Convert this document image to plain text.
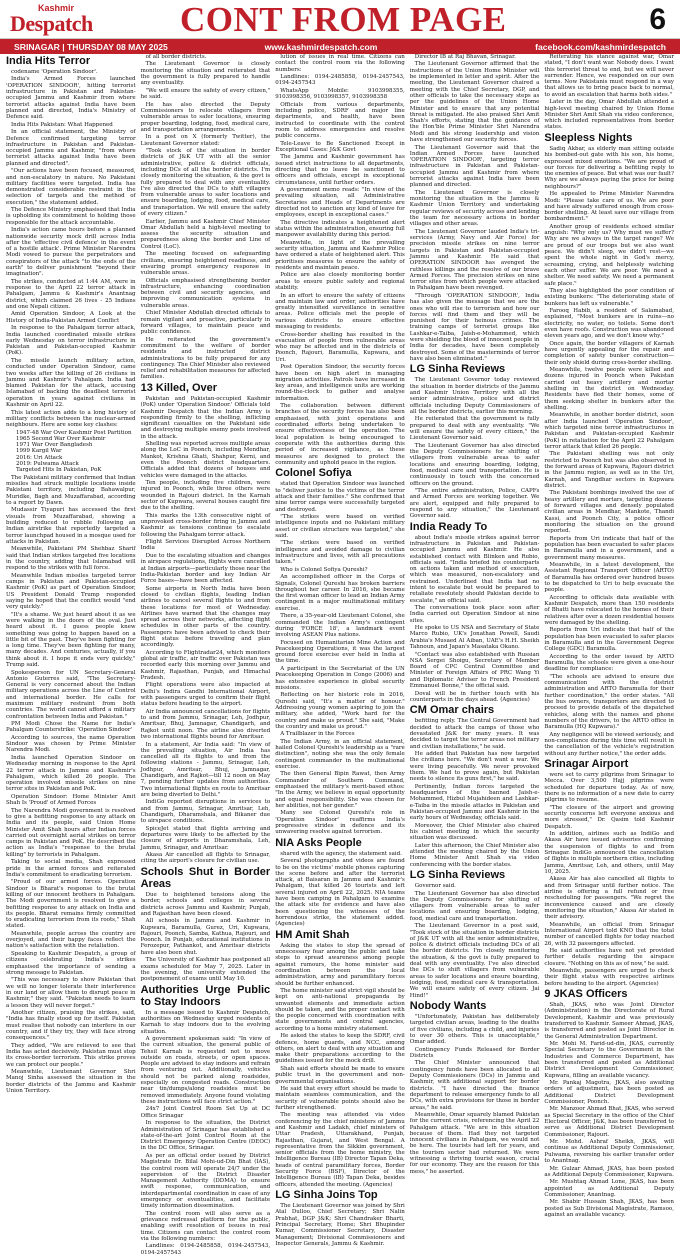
Kashmir
Despatch CONT FROM PAGE	6
SRINAGAR | THURSDAY 08 MAY 2025	www.kashmirdespatch.com	facebook.com/kashmirdespatch
India Hits Terror

codename 'Operation Sindoor'.

India's Armed Forces launched 'OPERATION SINDOOR', hitting terrorist infrastructure in Pakistan and Pakistan-occupied Jammu and Kashmir from where terrorist attacks against India have been planned and directed, India's Ministry of Defence said.

India Hits Pakistan: What Happened

In an official statement, the Ministry of Defence confirmed targeting terror infrastructure in Pakistan and Pakistan-occupied Jammu and Kashmir, "from where terrorist attacks against India have been planned and directed".

"Our actions have been focused, measured, and non-escalatory in nature. No Pakistani military facilities were targeted. India has demonstrated considerable restraint in the selection of targets and the method of execution," the statement added.

The Defence Ministry emphasised that India is upholding its commitment to holding those responsible for the attack accountable.

India's action came hours before a planned nationwide security mock drill across India after the 'effective civil defence' in the event of a hostile attack'. Prime Minister Narendra Modi vowed to pursue the perpetrators and conspirators of the attack "to the ends of the earth" to deliver punishment "beyond their imagination".

The strikes, conducted at 1:44 AM, were in response to the April 22 terror attack in Pahalgam, Jammu & Kashmir's Anantnag district, which claimed 26 lives - 25 Indians and one Nepali citizen.

Amid Operation Sindoor, A Look at the History of India-Pakistan Armed Conflict

In response to the Pahalgam terror attack, India launched coordinated missile strikes early Wednesday on terror infrastructure in Pakistan and Pakistan-occupied Kashmir (PoK).

The missile launch military action, conducted under Operation Sindoor, came two weeks after the killing of 26 civilians in Jammu and Kashmir's Pahalgam. India had blamed Pakistan for the attack, accusing Islamabad of backing the deadliest terrorist operation in years against civilians in Kashmir on April 22.

This latest action adds to a long history of military conflicts between the nuclear-armed neighbours. Here are some key clashes:

1947-48 War Over Kashmir Post Partition
1965 Second War Over Kashmir
1971 War Over Bangladesh
1999 Kargil War
2016: Uri Attack
2019: Pulwama Attack
Targeted Hits In Pakistan, PoK

The Pakistani military confirmed that Indian missiles had struck multiple locations inside Pakistani territory, including Bahawalpur, Muridke, Bagh and Muzaffarabad, according to a report by Dawn.

Mudassir Tiyapuri has accessed the first visuals from Muzaffarabad, showing a building reduced to rubble following an Indian airstrike that reportedly targeted a terror launchpad housed in a mosque used for attacks in Pakistan.

Meanwhile, Pakistani PM Shehbaz Sharif said that Indian strikes targeted five locations in the country, adding that Islamabad will respond to the strikes with full force.

Meanwhile Indian missiles targeted terror camps in Pakistan and Pakistan-occupied Kashmir (PoK) as part of Operation Sindoor, US President Donald Trump responded saying he hoped that the conflict would "end very quickly."

"It's a shame. We just heard about it as we were walking in the doors of the oval. Just heard about it. I guess people knew something was going to happen based on a little bit of the past. They've been fighting for a long time. They've been fighting for many, many decades. And centuries, actually, if you think about it. I hope it ends very quickly," Trump said.

Spokesperson for UN Secretary-General Antonio Guterres said, "The Secretary-General is very concerned about the Indian military operations across the Line of Control and international border. He calls for maximum military restraint from both countries. The world cannot afford a military confrontation between India and Pakistan."

PM Modi Chose the Name for India's Pahalgam Counterstrike: 'Operation Sindoor'

According to sources, the name Operation Sindoor was chosen by Prime Minister Narendra Modi.

India launched Operation Sindoor on Wednesday morning in response to the April 22 terror attack in Jammu and Kashmir's Pahalgam, which killed 26 people. The operation involved missile strikes on nine terror sites in Pakistan and PoK.

Operation Sindoor: Home Minister Amit Shah Is 'Proud' of Armed Forces

The Narendra Modi government is resolved to give a befitting response to any attack on India and its people, said Union Home Minister Amit Shah hours after Indian forces carried out overnight aerial strikes on terror camps in Pakistan and PoK. He described the action as India's "response to the brutal killing" by terrorists in Pahalgam.

Taking to social media, Shah expressed pride in the armed forces and reiterated India's commitment to eradicating terrorism.

"Proud of our armed forces. Operation Sindoor is Bharat's response to the brutal killing of our innocent brothers in Pahalgam. The Modi government is resolved to give a befitting response to any attack on India and its people. Bharat remains firmly committed to eradicating terrorism from its roots," Shah stated.

Meanwhile, people across the country are overjoyed, and their happy faces reflect the nation's satisfaction with the retaliation.

Speaking to Kashmir Despatch, a group of citizens celebrating India's strikes emphasised the importance of sending a strong message to Pakistan.

"This was necessary to show Pakistan that we will no longer tolerate their interference in our land or allow them to disrupt peace in Kashmir," they said. "Pakistan needs to learn a lesson they will never forget."

Another citizen, praising the strikes, said, "India has finally stood up for itself. Pakistan must realise that nobody can interfere in our country, and if they try, they will face strong consequences."

They added, "We are relieved to see that India has acted decisively. Pakistan must stop its cross-border terrorism. This strike proves we can protect our people."

Meanwhile, Lieutenant Governor Shri Manoj Sinha assessed the situation in the border districts of the Jammu and Kashmir Union Territory.

of all border districts.

The Lieutenant Governor is closely monitoring the situation and reiterated that the government is fully prepared to handle any eventuality.

"We will ensure the safety of every citizen," he said.

He has also directed the Deputy Commissioners to relocate villagers from vulnerable areas to safer locations, ensuring proper boarding, lodging, food, medical care, and transportation arrangements.

In a post on X (formerly Twitter), the Lieutenant Governor stated:

"Took stock of the situation in border districts of J&K UT with all the senior administrative, police & district officials, including DCs of all the border districts. I'm closely monitoring the situation, & the govt is fully prepared to deal with any eventuality. I've also directed the DCs to shift villagers from vulnerable areas to safer locations and ensure boarding, lodging, food, medical care, and transportation. We will ensure the safety of every citizen."

Earlier, Jammu and Kashmir Chief Minister Omar Abdullah held a high-level meeting to assess the security situation and preparedness along the border and Line of Control (LoC).

The meeting focused on safeguarding civilians, ensuring heightened readiness, and ensuring prompt emergency response in vulnerable areas.

Officials emphasised strengthening border infrastructure, enhancing coordination between civil and security agencies, and improving communication systems in vulnerable areas.

Chief Minister Abdullah directed officials to remain vigilant and proactive, particularly in forward villages, to maintain peace and public confidence.

He reiterated the government's commitment to the welfare of border residents and instructed district administrations to be fully prepared for any contingency. The Chief Minister also reviewed relief and rehabilitation measures for affected families.

13 Killed, Over

Pakistan and Pakistan-occupied Kashmir (PoK) under 'Operation Sindoor.' Officials told Kashmir Despatch that the Indian Army is responding firmly to the shelling, inflicting significant casualties on the Pakistani side and destroying multiple enemy posts involved in the attack.

Shelling was reported across multiple areas along the LoC in Poonch, including Mendhar, Mankot, Krishna Ghati, Shahpur, Kerni, and even the Poonch district headquarters. Officials added that dozens of houses and vehicles were damaged in the attacks.

Ten people, including five children, were injured in Poonch, while three others were wounded in Rajouri district. In the Karnah sector of Kupwara, several houses caught fire due to the shelling.

This marks the 13th consecutive night of unprovoked cross-border firing in Jammu and Kashmir as tensions continue to escalate following the Pahalgam terror attack.

Flight Services Disrupted Across Northern India

Due to the escalating situation and changes in airspace regulations, flights were cancelled at Indian airports—particularly those near the India-Pakistan border and key Indian Air Force bases—have been affected.

Some airports in North India have been closed to civilian flights, leading Indian airlines to cancel several flights to and from these locations for most of Wednesday. Airlines have warned that the changes may spread across their networks, affecting flight schedules in other parts of the country. Passengers have been advised to check their flight status before traveling and plan accordingly.

According to Flightradar24, which monitors global air traffic, air traffic over Pakistan was recorded early this morning over Jammu and Kashmir, Rajasthan, Punjab, and Himachal Pradesh.

Flight operations were also impacted at Delhi's Indira Gandhi International Airport, with passengers urged to confirm their flight status before heading to the airport.

Air India announced cancellations for flights to and from Jammu, Srinagar, Leh, Jodhpur, Amritsar, Bhuj, Jamnagar, Chandigarh, and Rajkot until noon. The airline also diverted two international flights bound for Amritsar.

In a statement, Air India said: "In view of the prevailing situation, Air India has cancelled all its flights to and from the following stations - Jammu, Srinagar, Leh, Jodhpur, Amritsar, Bhuj, Jamnagar, Chandigarh, and Rajkot—till 12 noon on May 7, pending further updates from authorities. Two international flights en route to Amritsar are being diverted to Delhi."

IndiGo reported disruptions in services to and from Jammu, Srinagar, Amritsar, Leh, Chandigarh, Dharamshala, and Bikaner due to airspace conditions.

SpiceJet stated that flights arriving and departures were likely to be affected by the closure of airports in Dharamshala, Leh, Jammu, Srinagar, and Amritsar.

Akasa Air cancelled all flights to Srinagar, citing the airport's closure for civilian use.

Schools Shut in Border Areas

Due to heightened tensions along the border, schools and colleges in several districts across Jammu and Kashmir, Punjab, and Rajasthan have been closed.

All schools in Jammu and Kashmir in Kupwara, Baramulla, Gurez, Uri, Kupwara, Rajouri, Poonch, Samba, Kathua, Rajouri, and Poonch. In Punjab, educational institutions in Ferozepur, Pathankot, and Amritsar districts have also been shut.

The University of Kashmir has postponed all exams scheduled for May 7, 2025. Later in the evening, the university extended the postponement of exams until May 10.

Authorities Urge Public to Stay Indoors

In a message issued to Kashmir Despatch, authorities on Wednesday urged residents of Karnah to stay indoors due to the evolving situation.

A government spokesman said: "In view of the current situation, the general public of Tehsil Karnah is requested not to move outside on roads, streets, or open spaces. People are advised to stay indoors and refrain from venturing out. Additionally, vehicles should not be parked along roadsides, especially on congested roads. Construction near tin/dumps/along roadsides must be removed immediately. Anyone found violating these instructions will face strict action."

24x7 Joint Control Room Set Up at DC Office Srinagar

In response to the situation, the District Administration of Srinagar has established a state-of-the-art Joint Control Room at the District Emergency Operation Centre (DEOC) in the DC Office, Srinagar.

As per an official order issued by District Magistrate Dr. Bilal Mohi-ud-Din Bhat (IAS), the control room will operate 24/7 under the supervision of the District Disaster Management Authority (DDMA) to ensure swift response, communication, and interdepartmental coordination in case of any emergency or eventualities, and facilitate timely information dissemination.

The control room will also serve as a grievance redressal platform for the public, enabling swift resolution of issues in real time. Citizens can contact the control room via the following numbers:

Landlines: 0194-2485858, 0194-2457543, 0194-2457543

lution of issues in real time. Citizens can contact the control room via the following numbers:

Landlines: 0194-2485858, 0194-2457543, 0194-2457543

WhatsApp Mobile: 9103998355, 9103998356, 9103998357, 9103998358

Officials from various departments, including police, SDRF and major line departments, and health, have been instructed to coordinate with the control room to address emergencies and resolve public concerns.

Tele-Leave to Be Sanctioned Except in Exceptional Cases: J&K Govt

The Jammu and Kashmir government has issued strict instructions to all departments, directing that no leave be sanctioned to officers and officials, except in exceptional circumstances, until further orders.

A government memo reads: "In view of the prevailing situation, all Administrative Secretaries and Heads of Departments are directed not to sanction any kind of leave for employees, except in exceptional cases."

The directive indicates a heightened alert status within the administration, ensuring full manpower availability during this period.

Meanwhile, in light of the prevailing security situation, Jammu and Kashmir Police have ordered a state of heightened alert. This prioritises measures to ensure the safety of residents and maintain peace.

Police are also closely monitoring border areas to ensure public safety and regional stability.

In an effort to ensure the safety of citizens and maintain law and order, authorities have greatly intensified surveillance in sensitive areas. Police officials met the people of various districts to ensure effective messaging to residents.

Cross-border shelling has resulted in the evacuation of people from vulnerable areas who may be affected and in the districts of Poonch, Rajouri, Baramulla, Kupwara, and Uri.

Post Operation Sindoor, the security forces have been on high alert in managing migration activities. Patrols have increased in key areas, and intelligence units are working round-the-clock to gather and analyse information.

The collaboration between different branches of the security forces has also been emphasised, with joint operations and coordinated efforts being undertaken to ensure effectiveness of the operation. The local population is being encouraged to cooperate with the authorities during this period of increased vigilance, as these measures are designed to protect the community and uphold peace in the region.

Colonel Sofiya

stated that Operation Sindoor was launched to "deliver justice to the victims of the terror attack and their families." She confirmed that nine terror camps were successfully targeted and destroyed.

"The strikes were based on verified intelligence inputs and no Pakistani military asset or civilian structure was targeted," she said.

"The strikes were based on verified intelligence and avoided damage to civilian infrastructure and lives, with all precautions taken."

Who is Colonel Sofiya Qureshi?

An accomplished officer in the Corps of Signals, Colonel Qureshi has broken barriers throughout her career. In 2016, she became the first woman officer to lead an Indian Army contingent in a major multinational military exercise.

There, a 35-year-old Lieutenant Colonel, she commanded the Indian Army's contingent during 'FORCE 18', a landmark event involving ASEAN Plus nations.

Focused on Humanitarian Mine Action and Peacekeeping Operations, it was the largest ground force exercise ever held in India at the time.

A participant in the Secretariat of the UN Peacekeeping Operation in Congo (2006) and has extensive experience in global security missions.

Reflecting on her historic role in 2016, Qureshi said, "It's a matter of honour." Addressing young women aspiring to join the military, she added, "Work hard for the country and make us proud." She said, "Make the country and make us proud."

A Trailblazer in the Forces

The Indian Army, in an official statement, hailed Colonel Qureshi's leadership as a "rare distinction", noting she was the only female contingent commander in the multinational exercise.

The then General Bipin Rawat, then Army Commander of Southern Command, emphasised the military's merit-based ethos: "In the Army, we believe in equal opportunity and equal responsibility. She was chosen for her abilities, not her gender."

Many see Colonel Qureshi's role in 'Operation Sindoor' reaffirms India's progressive strides in defence and its unwavering resolve against terrorism.

NIA Asks People

shared with the agency, the statement said.

Several photographs and videos are found to be on the victims' mobile phones capturing the scene before and after the terrorist attack, at Baisaran in Jammu and Kashmir's Pahalgam, that killed 26 tourists and left several injured on April 22, 2025. NIA teams have been camping in Pahalgam to examine the attack site for evidence and have also been questioning the witnesses of the horrendous strike, the statement added. (Agencies)

HM Amit Shah

Asking the states to stop the spread of unnecessary fear among the public and take steps to spread awareness among people against rumours, the home minister said coordination between the local administration, army and paramilitary forces should be further enhanced.

The home minister said strict vigil should be kept on anti-national propaganda by unwanted elements and immediate action should be taken, and the proper contact with the people concerned with coordination with state governments and central agencies, according to a home ministry statement.

He asked the states to keep the SDRF, civil defence, home guards, and NCC, among others, on alert to deal with any situation and make their preparations according to the guidelines issued for the mock drill.

Shah said efforts should be made to ensure public trust in the government and non-governmental organisations.

He said that every effort should be made to maintain seamless communication, and the security of vulnerable points should also be further strengthened.

The meeting was attended via video conferencing by the chief ministers of Jammu and Kashmir and Ladakh, chief ministers of Uttar Pradesh, Uttarakhand, Punjab, Rajasthan, Gujarat, and West Bengal. A representative from the Sikkim government, senior officials from the home ministry, the Intelligence Bureau (IB) Director Tapan Deka, heads of central paramilitary forces, Border Security Force (BSF), Director of the Intelligence Bureau (IB) Tapan Deka, besides officers, attended the meeting. (Agencies)

LG Sinha Joins Top

The Lieutenant Governor was joined by Shri Atal Dulloo, Chief Secretary; Shri Nalin Prabhat, DGP J&K; Shri Chandraker Bharti, Principal Secretary, Home; Shri Bhupinder Kumar, Commissioner Secretary, Disaster Management; Divisional Commissioners and Inspector Generals, Jammu & Kashmir.

Director IB at Raj Bhavan, Srinagar.

The Lieutenant Governor affirmed that the instructions of the Union Home Minister will be implemented in letter and spirit. After the meeting, the Lieutenant Governor chaired a meeting with the Chief Secretary, DGP, and other officials to take the necessary steps as per the guidelines of the Union Home Minister and to ensure that any potential threat is mitigated. He also praised Shri Amit Shah's efforts, stating that the guidance of the Hon'ble Prime Minister Shri Narendra Modi and his strong leadership and vision have strengthened our security forces.

The Lieutenant Governor said that the Indian Armed Forces have launched 'OPERATION SINDOOR', targeting terror infrastructure in Pakistan and Pakistan-occupied Jammu and Kashmir from where terrorist attacks against India have been planned and directed.

The Lieutenant Governor is closely monitoring the situation in the Jammu & Kashmir Union Territory and undertaking regular reviews of security across and lending the team for necessary actions in border villages and other areas.

The Lieutenant Governor lauded India's tri-services (Army, Navy and Air Force) for precision missile strikes on nine terror targets in Pakistan and Pakistan-occupied Jammu and Kashmir. He said that OPERATION SINDOOR has avenged the ruthless killings and the resolve of our brave Armed Forces. The precision strikes on nine terror sites from which people were attacked in Pahalgam have been revenged.

"Through 'OPERATION SINDOOR', India has also given the message that we are the ones who will rise to terrorism and how our forces will find them and they will be punished for their heinous crimes. The training camps of terrorist groups like Lashkar-e-Taiba, Jaish-e-Mohammed, which were shielding the blood of innocent people in India for decades, have been completely destroyed. Some of the masterminds of terror have also been eliminated."

LG Sinha Reviews

The Lieutenant Governor today reviewed the situation in border districts of the Jammu and Kashmir Union Territory with all the senior administrative, police and district officials including Deputy Commissioners of all the border districts, earlier this morning.

He reiterated that the government is fully prepared to deal with any eventuality. "We will ensure the safety of every citizen," the Lieutenant Governor said.

The Lieutenant Governor has also directed the Deputy Commissioners for shifting of villagers from vulnerable areas to safer locations and ensuring boarding, lodging, food, medical care and transportation. He is continuously in touch with the concerned officers on the ground.

"The entire administration, Police, CAPFs and Armed Forces are working together. We are alert, equipped and fully prepared to respond to any situation," the Lieutenant Governor said.

India Ready To

about India's missile strikes against terror infrastructure in Pakistan and Pakistan-occupied Jammu and Kashmir. He also established contact with Blinken and Rubio, officials said. "India briefed his counterparts on actions taken and method of execution, which was measured, non-escalatory and restrained. Underlined that India had no intent to escalate but would be prepared to retaliate resolutely should Pakistan decide to escalate," an official said.

The conversations took place soon after India carried out Operation Sindoor at nine sites.

He spoke to US NSA and Secretary of State Marco Rubio, UK's Jonathan Powell, Saudi Arabia's Musaed Al Aiban, UAE's H.H. Sheikh Tahnoun, and Japan's Masataka Okano.

"Contact was also established with Russian NSA Sergei Shoigu, Secretary of Member Board of CPC Central Committee and Minister of Foreign Affairs of PRC Wang Yi and Diplomatic Adviser to French President Emmanuel Bonne," the official said.

Doval will be in further touch with his counterparts in the days ahead. (Agencies)

CM Omar chairs

befitting reply. The Central Government had decided to attack the camps of those who devastated J&K for many years. It was decided to target the terror areas not military and civilian installations," he said.

He added that Pakistan has now targeted the civilians here. "We don't want a war. We were living peacefully. We never provoked them. We had to prove again, but Pakistan needs to silence its guns first," he said.

Pertinently, Indian forces targeted the headquarters of the banned Jaish-e-Mohammed, Hizbul Mujahideen and Lashkar-e-Taiba in the missile attacks in Pakistan and Pakistan-occupied Jammu and Kashmir in the early hours of Wednesday, officials said.

Moreover, the Chief Minister also chaired his cabinet meeting in which the security situation was discussed.

Later this afternoon, the Chief Minister also attended the meeting chaired by the Union Home Minister Amit Shah via video conferencing with the border states.

LG Sinha Reviews

Governor said.

The Lieutenant Governor has also directed the Deputy Commissioners for shifting of villagers from vulnerable areas to safer locations and ensuring boarding, lodging, food, medical care and transportation.

The Lieutenant Governor in a post said, "Took stock of the situation in border districts of J&K UT with all the senior administrative, police & district officials including DCs of all the border districts. I'm closely monitoring the situation, & the govt is fully prepared to deal with any eventuality. I've also directed the DCs to shift villagers from vulnerable areas to safer locations and ensure boarding, lodging, food, medical care & transportation. We will ensure safety of every citizen. Jai Hind!"

Nobody Wants

"Unfortunately, Pakistan has deliberately targeted civilian areas, leading to the deaths of five civilians, including a child, and injuries to over 30 others. This is unacceptable," Omar added.

Contingency Funds Released for Border Districts

The Chief Minister announced that contingency funds have been allocated to all Deputy Commissioners (DCs) in Jammu and Kashmir, with additional support for border districts. "I have directed the finance department to release emergency funds to all DCs, with extra provisions for those in border areas," he said.

Meanwhile, Omar squarely blamed Pakistan for the current crisis, referencing the April 22 Pahalgam attack. "We are in this situation because of them. Had they not targeted innocent civilians in Pahalgam, we would not be here. The tourists had left for years, and the tourism sector had returned. We were witnessing a thriving tourist season, crucial for our economy. They are the reason for this mess," he asserted.

Reiterating his stance against war, Omar stated, "I don't want war. Nobody does. I want this terrorist threat to end, but we will never surrender. Hence, we responded on our own terms. Now Pakistanis must respond in a way that allows us to bring peace back to normal, to avoid an escalation that harms both sides."

Later in the day, Omar Abdullah attended a high-level meeting chaired by Union Home Minister Shri Amit Shah via video conference, which included representatives from border states.

Sleepless Nights

Sadiq Akbar, as elderly man sitting outside his bombed-out gate with his son, his home, expressed mixed emotions. "We are proud of our forces for delivering a befitting reply to the enemies of peace. But what was our fault? Why are we always paying the price for being neighbours?"

He appealed to Prime Minister Narendra Modi: "Please take care of us. We are poor and have already suffered enough from cross-border shelling. At least save our village from bombardment."

Another group of residents echoed similar anguish: "Why only us? Why must we suffer? Why are we always in the target range? We are proud of our troops but we also want peace. We didn't sleep, we didn't rest—we spent the whole night in God's mercy, screaming, crying, and helplessly watching each other suffer. We are poor. We need a shelter. We need safety. We need a permanent safe place."

They also highlighted the poor condition of existing bunkers: "The deteriorating state of bunkers has left us vulnerable."

Farooq Habib, a resident of Salamabad, explained, "Most bunkers are in ruins—no electricity, no water, no toilets. Some don't even have roofs. Construction was abandoned eleven years ago, and we don't know why."

Once again, the border villagers of Karnah have urgently appealing for the repair and completion of safety bunker construction—their only shield during cross-border shelling.

Meanwhile, twelve people were killed and dozens injured in Poonch when Pakistan carried out heavy artillery and mortar shelling in the district on Wednesday. Residents have fled their homes, some of them seeking shelter in bunkers after the shelling.

Meanwhile, in another border district, soon after India launched 'Operation Sindoor', which targeted nine terror infrastructures in Pakistan and Pakistan-occupied Kashmir (PoK) in retaliation for the April 22 Pahalgam terror attack that killed 26 people.

The Pakistani shelling was not only restricted to Poonch but was also observed in the forward areas of Kupwara, Rajouri district in the Jammu region, as well as in the Uri, Karnah, and Tangdhar sectors in Kupwara district.

The Pakistani bombings involved the use of heavy artillery and mortars, targeting dozens of forward villages and densely populated civilian areas in Mendhar, Mankote, Thandi Kassi, and Poonch City, a police officer monitoring the situation on the ground reported.

Reports from Uri indicate that half of the population has been evacuated to safer places in Baramulla and in a government, and a government many measures.

Meanwhile, in a latest development, the Assistant Regional Transport Officer (ARTO) of Baramulla has ordered over hundred buses to be dispatched to Uri to help evacuate the people.

According to officials data available with Kashmir Despatch, more than 150 residents of Bhatti have relocated to the homes of their relatives after over a dozen residential houses were damaged by the shelling.

Reports from Uri indicate that half of the population has been evacuated to safer places in Baramulla and in the Government Degree College (GDC) Baramulla.

According to the order issued by ARTO Baramulla, the schools were given a one-hour deadline for compliance:

"The schools are advised to ensure due communication with the district administration and ARTO Baramulla for their further coordination," the order states. "All the bus owners, transporters are directed to proceed to provide details of the dispatched vehicles, along with the names and phone numbers of the drivers, to the ARTO office in Baramulla (HQ Kupwara)."

Any negligence will be viewed seriously, and non-compliance during this time will result in the cancellation of the vehicle's registration without any further notice," the order adds.

Srinagar Airport

were set to carry pilgrims from Srinagar to Mecca. Over 3,500 Hajj pilgrims were scheduled for departure today. As of now, there is no information of a new date to carry pilgrims to resume.

"The closure of the airport and growing security concerns left everyone anxious and more stressed," Dr. Qasim told Kashmir Despatch.

In addition, airlines such as IndiGo and Akasa Air have issued advisories confirming the suspension of flights to and from Srinagar. IndiGo announced the cancellation of flights in multiple northern cities, including Jammu, Amritsar, Leh, and others, until May 10, 2025.

Akasa Air has also cancelled all flights to and from Srinagar until further notice. The airline is offering a full refund or free rescheduling for passengers. "We regret the inconvenience caused and are closely monitoring the situation," Akasa Air stated in their advisory.

Meanwhile, an official from Srinagar International Airport told KNO that the total number of cancelled flights for today reached 26, with 32 passengers affected.

He said authorities have not yet provided further details regarding the airspace closure. "Nothing on this as of now," he said.

Meanwhile, passengers are urged to check their flight status with respective airlines before heading to the airport. (Agencies)

9 JKAS Officers

Shah, JKAS, who was Joint Director (Administration) in the Directorate of Rural Development, Kashmir and was previously transferred to Kashmir. Sameer Ahmad, JKAS, is transferred and posted as Joint Director in the General Administration Department.

Mr. Mohi M. Farid-ud-din, JKAS, currently Special Secretary to the Government in the Industries and Commerce Department, has been transferred and posted as Additional District Development Commissioner, Kupwara, filling an available vacancy.

Mr. Pankaj Magotra, JKAS, also awaiting orders of adjustment, has been posted as Additional District Development Commissioner, Poonch.

Mr. Manzoor Ahmad Bhat, JKAS, who served as Special Secretary in the office of the Chief Electoral Officer, J&K, has been transferred to serve as Additional District Development Commissioner, Rajouri.

Mr. Mohd. Ashraf Sheikh, JKAS, will continue as Additional Deputy Commissioner, Pulwama, reversing his earlier transfer order to Anantnag.

Mr. Gulzar Ahmad, JKAS, has been posted as Additional Deputy Commissioner, Kupwara.

Mr. Mushtaq Ahmad Lone, JKAS, has been appointed as Additional Deputy Commissioner, Anantnag.

Mr. Shabir Hussain Shah, JKAS, has been posted as Sub Divisional Magistrate, Ramsoo, against an available vacancy.
